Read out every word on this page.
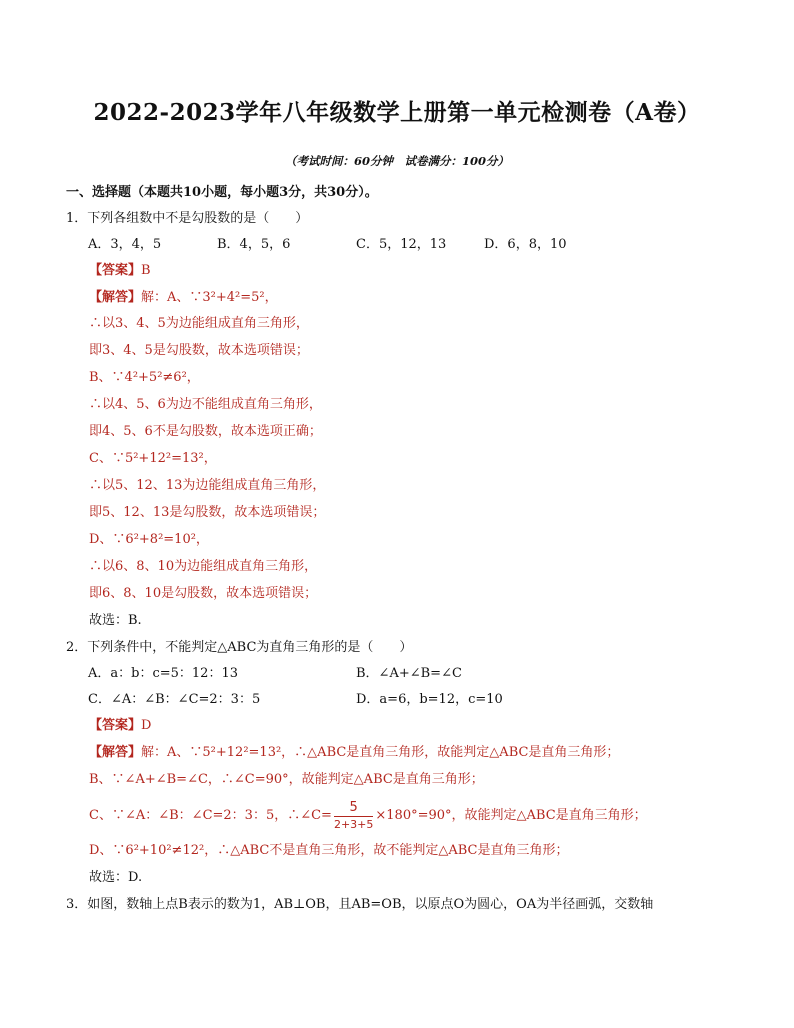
2022-2023学年八年级数学上册第一单元检测卷（A卷）
（考试时间：60分钟　试卷满分：100分）
一、选择题（本题共10小题，每小题3分，共30分）。
1．下列各组数中不是勾股数的是（　　）
A．3，4，5	B．4，5，6	C．5，12，13	D．6，8，10
【答案】B
【解答】解：A、∵3²+4²=5²，
∴以3、4、5为边能组成直角三角形，
即3、4、5是勾股数，故本选项错误；
B、∵4²+5²≠6²，
∴以4、5、6为边不能组成直角三角形，
即4、5、6不是勾股数，故本选项正确；
C、∵5²+12²=13²，
∴以5、12、13为边能组成直角三角形，
即5、12、13是勾股数，故本选项错误；
D、∵6²+8²=10²，
∴以6、8、10为边能组成直角三角形，
即6、8、10是勾股数，故本选项错误；
故选：B.
2．下列条件中，不能判定△ABC为直角三角形的是（　　）
A．a：b：c=5：12：13	B．∠A+∠B=∠C
C．∠A：∠B：∠C=2：3：5	D．a=6，b=12，c=10
【答案】D
【解答】解：A、∵5²+12²=13²，∴△ABC是直角三角形，故能判定△ABC是直角三角形；
B、∵∠A+∠B=∠C，∴∠C=90°，故能判定△ABC是直角三角形；
C、∵∠A：∠B：∠C=2：3：5，∴∠C= $\frac{5}{2+3+5} \times 180^\circ=90^\circ$，故能判定△ABC是直角三角形；
D、∵6²+10²≠12²，∴△ABC不是直角三角形，故不能判定△ABC是直角三角形；
故选：D.
3．如图，数轴上点B表示的数为1，AB⊥OB，且AB=OB，以原点O为圆心，OA为半径画弧，交数轴
